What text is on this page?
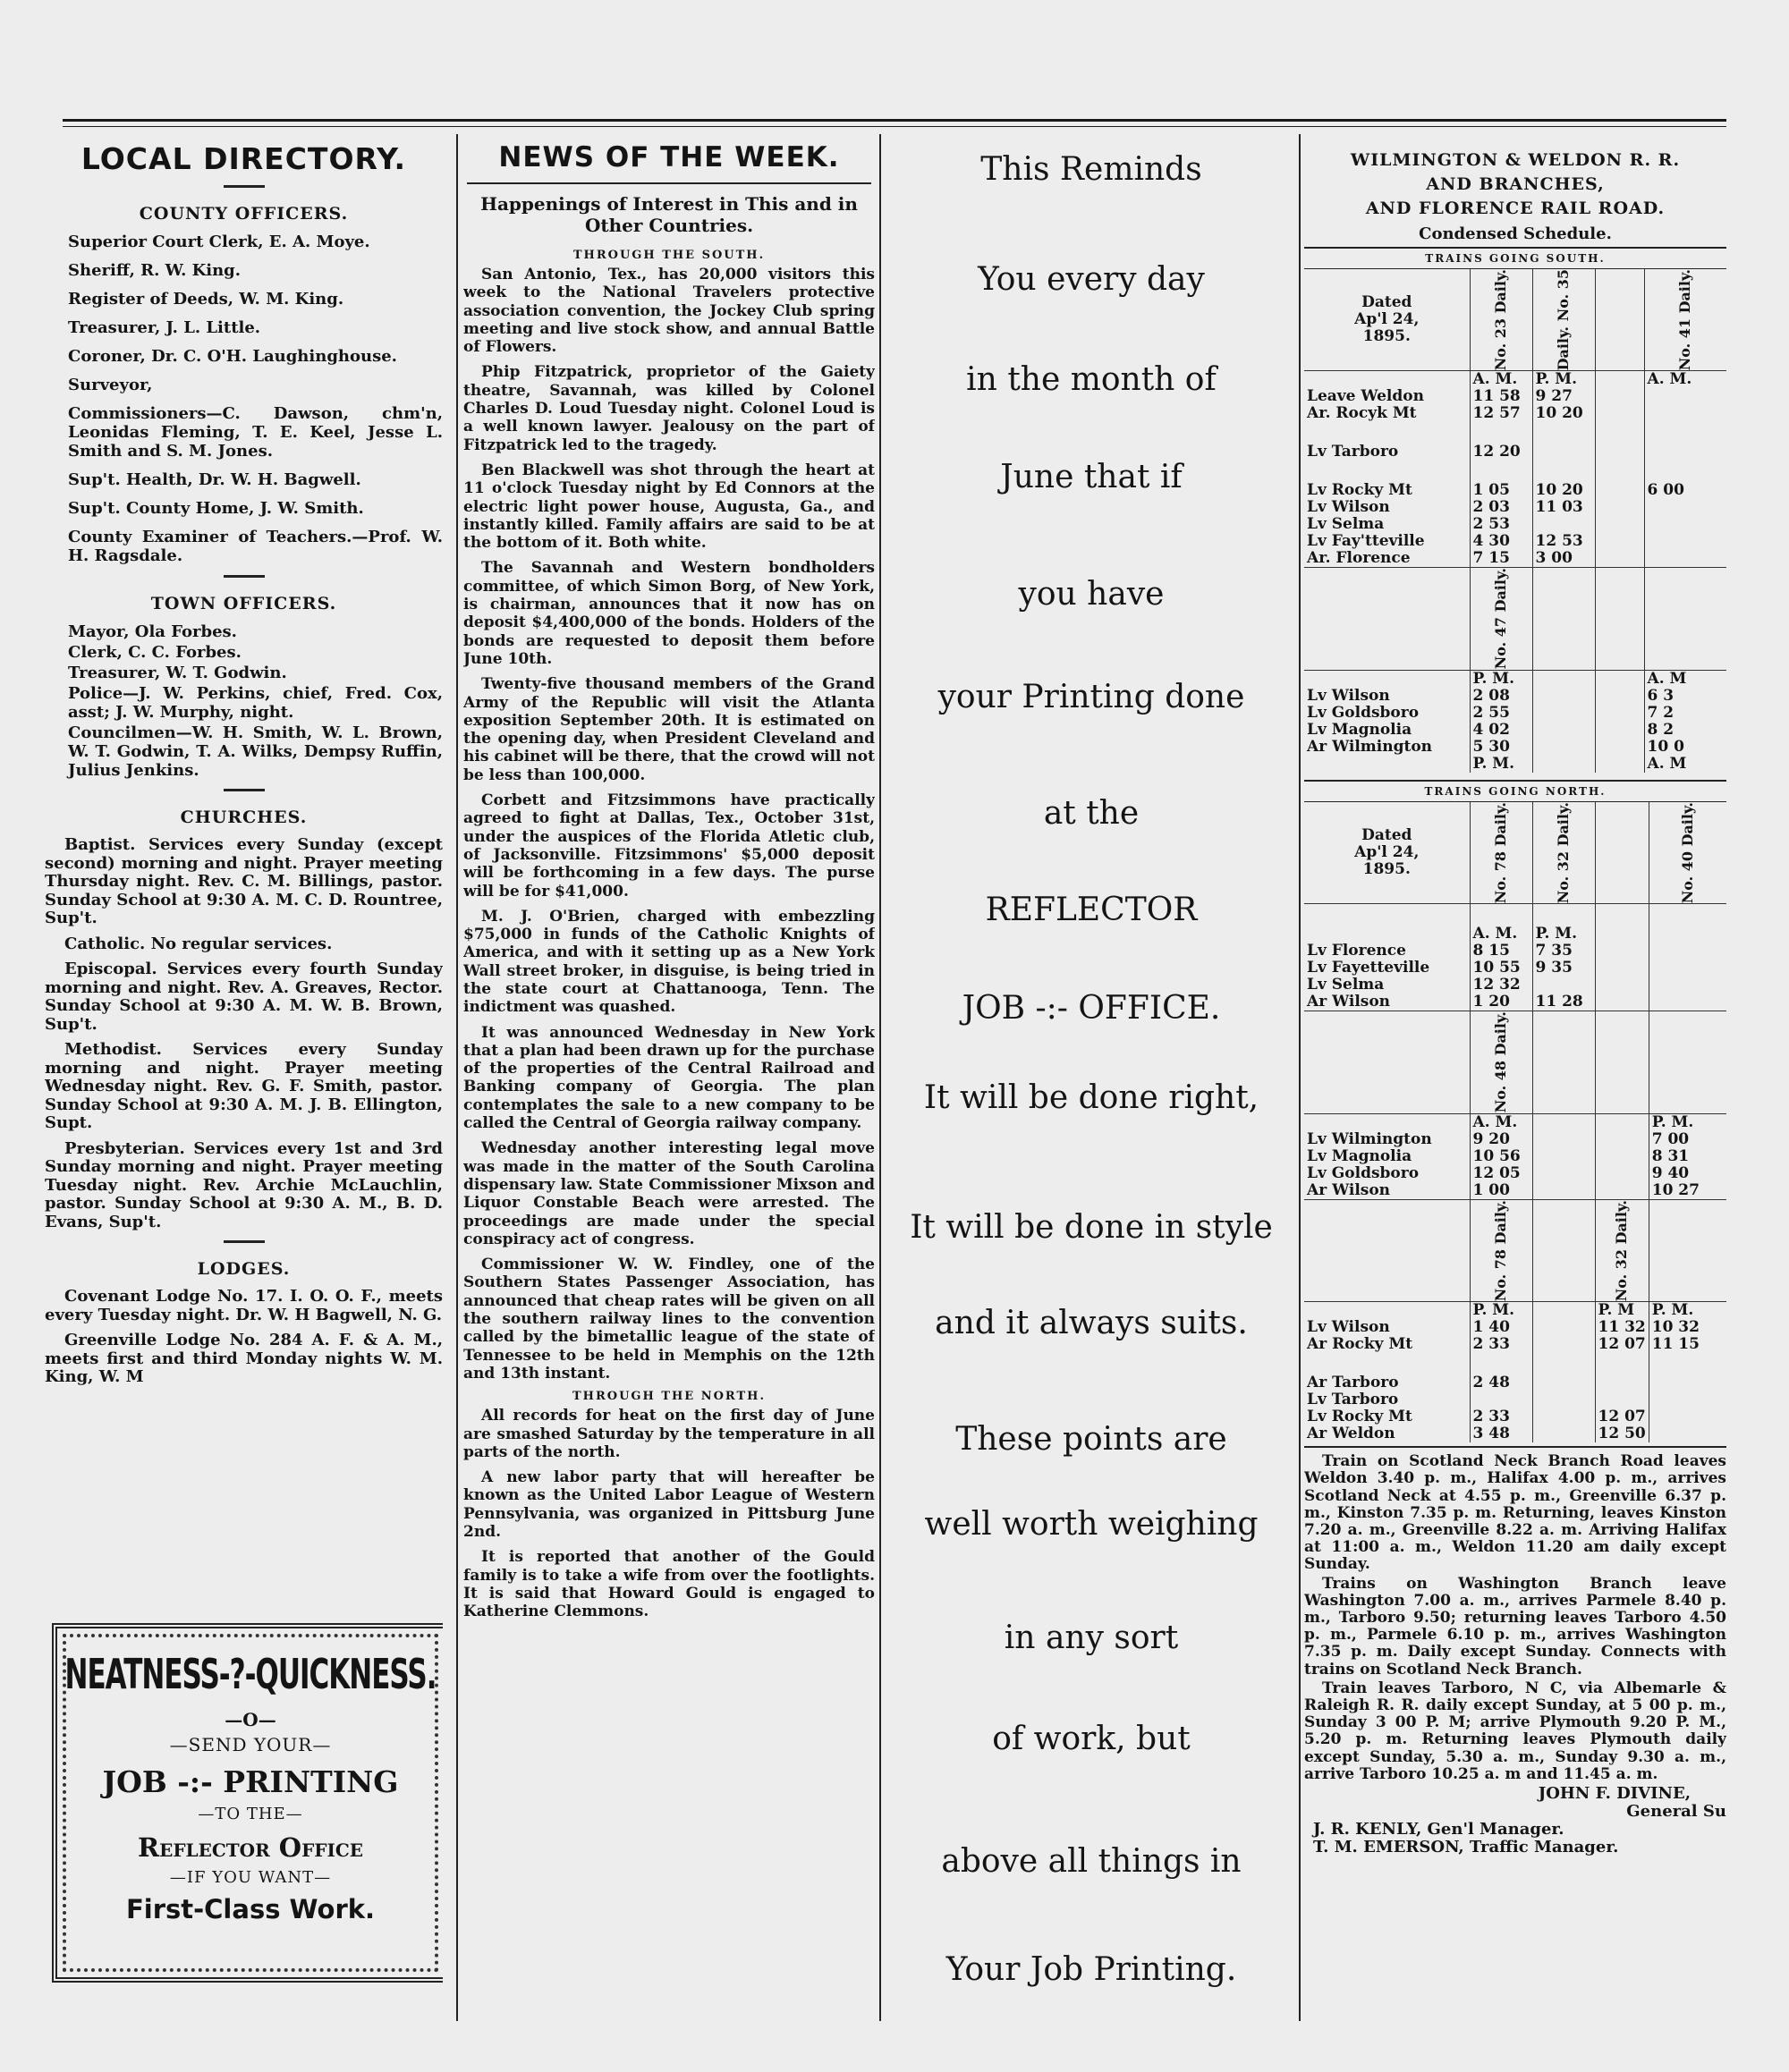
LOCAL DIRECTORY.
COUNTY OFFICERS.

Superior Court Clerk, E. A. Moye.

Sheriff, R. W. King.

Register of Deeds, W. M. King.

Treasurer, J. L. Little.

Coroner, Dr. C. O'H. Laughinghouse.

Surveyor,

Commissioners—C. Dawson, chm'n, Leonidas Fleming, T. E. Keel, Jesse L. Smith and S. M. Jones.

Sup't. Health, Dr. W. H. Bagwell.

Sup't. County Home, J. W. Smith.

County Examiner of Teachers.—Prof. W. H. Ragsdale.

TOWN OFFICERS.

Mayor, Ola Forbes.

Clerk, C. C. Forbes.

Treasurer, W. T. Godwin.

Police—J. W. Perkins, chief, Fred. Cox, asst; J. W. Murphy, night.

Councilmen—W. H. Smith, W. L. Brown, W. T. Godwin, T. A. Wilks, Dempsy Ruffin, Julius Jenkins.

CHURCHES.

Baptist. Services every Sunday (except second) morning and night. Prayer meeting Thursday night. Rev. C. M. Billings, pastor. Sunday School at 9:30 A. M. C. D. Rountree, Sup't.

Catholic. No regular services.

Episcopal. Services every fourth Sunday morning and night. Rev. A. Greaves, Rector. Sunday School at 9:30 A. M. W. B. Brown, Sup't.

Methodist. Services every Sunday morning and night. Prayer meeting Wednesday night. Rev. G. F. Smith, pastor. Sunday School at 9:30 A. M. J. B. Ellington, Supt.

Presbyterian. Services every 1st and 3rd Sunday morning and night. Prayer meeting Tuesday night. Rev. Archie McLauchlin, pastor. Sunday School at 9:30 A. M., B. D. Evans, Sup't.

LODGES.

Covenant Lodge No. 17. I. O. O. F., meets every Tuesday night. Dr. W. H Bagwell, N. G.

Greenville Lodge No. 284 A. F. & A. M., meets first and third Monday nights W. M. King, W. M

NEATNESS-?-QUICKNESS.
—O—
—SEND YOUR—
JOB -:- PRINTING
—TO THE—
Reflector Office
—IF YOU WANT—
First-Class Work.
NEWS OF THE WEEK.
Happenings of Interest in This and in Other Countries.
THROUGH THE SOUTH.

San Antonio, Tex., has 20,000 visitors this week to the National Travelers protective association convention, the Jockey Club spring meeting and live stock show, and annual Battle of Flowers.

Phip Fitzpatrick, proprietor of the Gaiety theatre, Savannah, was killed by Colonel Charles D. Loud Tuesday night. Colonel Loud is a well known lawyer. Jealousy on the part of Fitzpatrick led to the tragedy.

Ben Blackwell was shot through the heart at 11 o'clock Tuesday night by Ed Connors at the electric light power house, Augusta, Ga., and instantly killed. Family affairs are said to be at the bottom of it. Both white.

The Savannah and Western bondholders committee, of which Simon Borg, of New York, is chairman, announces that it now has on deposit $4,400,000 of the bonds. Holders of the bonds are requested to deposit them before June 10th.

Twenty-five thousand members of the Grand Army of the Republic will visit the Atlanta exposition September 20th. It is estimated on the opening day, when President Cleveland and his cabinet will be there, that the crowd will not be less than 100,000.

Corbett and Fitzsimmons have practically agreed to fight at Dallas, Tex., October 31st, under the auspices of the Florida Atletic club, of Jacksonville. Fitzsimmons' $5,000 deposit will be forthcoming in a few days. The purse will be for $41,000.

M. J. O'Brien, charged with embezzling $75,000 in funds of the Catholic Knights of America, and with it setting up as a New York Wall street broker, in disguise, is being tried in the state court at Chattanooga, Tenn. The indictment was quashed.

It was announced Wednesday in New York that a plan had been drawn up for the purchase of the properties of the Central Railroad and Banking company of Georgia. The plan contemplates the sale to a new company to be called the Central of Georgia railway company.

Wednesday another interesting legal move was made in the matter of the South Carolina dispensary law. State Commissioner Mixson and Liquor Constable Beach were arrested. The proceedings are made under the special conspiracy act of congress.

Commissioner W. W. Findley, one of the Southern States Passenger Association, has announced that cheap rates will be given on all the southern railway lines to the convention called by the bimetallic league of the state of Tennessee to be held in Memphis on the 12th and 13th instant.

THROUGH THE NORTH.

All records for heat on the first day of June are smashed Saturday by the temperature in all parts of the north.

A new labor party that will hereafter be known as the United Labor League of Western Pennsylvania, was organized in Pittsburg June 2nd.

It is reported that another of the Gould family is to take a wife from over the footlights. It is said that Howard Gould is engaged to Katherine Clemmons.

This Reminds
You every day
in the month of
June that if
you have
your Printing done
at the
REFLECTOR
JOB -:- OFFICE.
It will be done right,
It will be done in style
and it always suits.
These points are
well worth weighing
in any sort
of work, but
above all things in
Your Job Printing.
WILMINGTON & WELDON R. R.
AND BRANCHES,
AND FLORENCE RAIL ROAD.
Condensed Schedule.
TRAINS GOING SOUTH.
Dated
Ap'l 24,
1895.	No. 23 Daily.	Daily. No. 35		No. 41 Daily.

	A. M.	P. M.		A. M.
Leave Weldon	11 58	9 27		
Ar. Rocyk Mt	12 57	10 20		

Lv Tarboro	12 20			

Lv Rocky Mt	1 05	10 20		6 00
Lv Wilson	2 03	11 03		
Lv Selma	2 53			
Lv Fay'tteville	4 30	12 53		
Ar. Florence	7 15	3 00		

	No. 47 Daily.			

	P. M.			A. M
Lv Wilson	2 08			6 3
Lv Goldsboro	2 55			7 2
Lv Magnolia	4 02			8 2
Ar Wilmington	5 30			10 0
	P. M.			A. M
TRAINS GOING NORTH.
Dated
Ap'l 24,
1895.	No. 78 Daily.	No. 32 Daily.		No. 40 Daily.

	A. M.	P. M.		
Lv Florence	8 15	7 35		
Lv Fayetteville	10 55	9 35		
Lv Selma	12 32			
Ar Wilson	1 20	11 28		

	No. 48 Daily.			

	A. M.			P. M.
Lv Wilmington	9 20			7 00
Lv Magnolia	10 56			8 31
Lv Goldsboro	12 05			9 40
Ar Wilson	1 00			10 27

	No. 78 Daily.		No. 32 Daily.	

	P. M.		P. M	P. M.
Lv Wilson	1 40		11 32	10 32
Ar Rocky Mt	2 33		12 07	11 15

Ar Tarboro	2 48			
Lv Tarboro				
Lv Rocky Mt	2 33		12 07	
Ar Weldon	3 48		12 50	

Train on Scotland Neck Branch Road leaves Weldon 3.40 p. m., Halifax 4.00 p. m., arrives Scotland Neck at 4.55 p. m., Greenville 6.37 p. m., Kinston 7.35 p. m. Returning, leaves Kinston 7.20 a. m., Greenville 8.22 a. m. Arriving Halifax at 11:00 a. m., Weldon 11.20 am daily except Sunday.

Trains on Washington Branch leave Washington 7.00 a. m., arrives Parmele 8.40 p. m., Tarboro 9.50; returning leaves Tarboro 4.50 p. m., Parmele 6.10 p. m., arrives Washington 7.35 p. m. Daily except Sunday. Connects with trains on Scotland Neck Branch.

Train leaves Tarboro, N C, via Albemarle & Raleigh R. R. daily except Sunday, at 5 00 p. m., Sunday 3 00 P. M; arrive Plymouth 9.20 P. M., 5.20 p. m. Returning leaves Plymouth daily except Sunday, 5.30 a. m., Sunday 9.30 a. m., arrive Tarboro 10.25 a. m and 11.45 a. m.

JOHN F. DIVINE,
General Su
J. R. KENLY, Gen'l Manager.
T. M. EMERSON, Traffic Manager.
